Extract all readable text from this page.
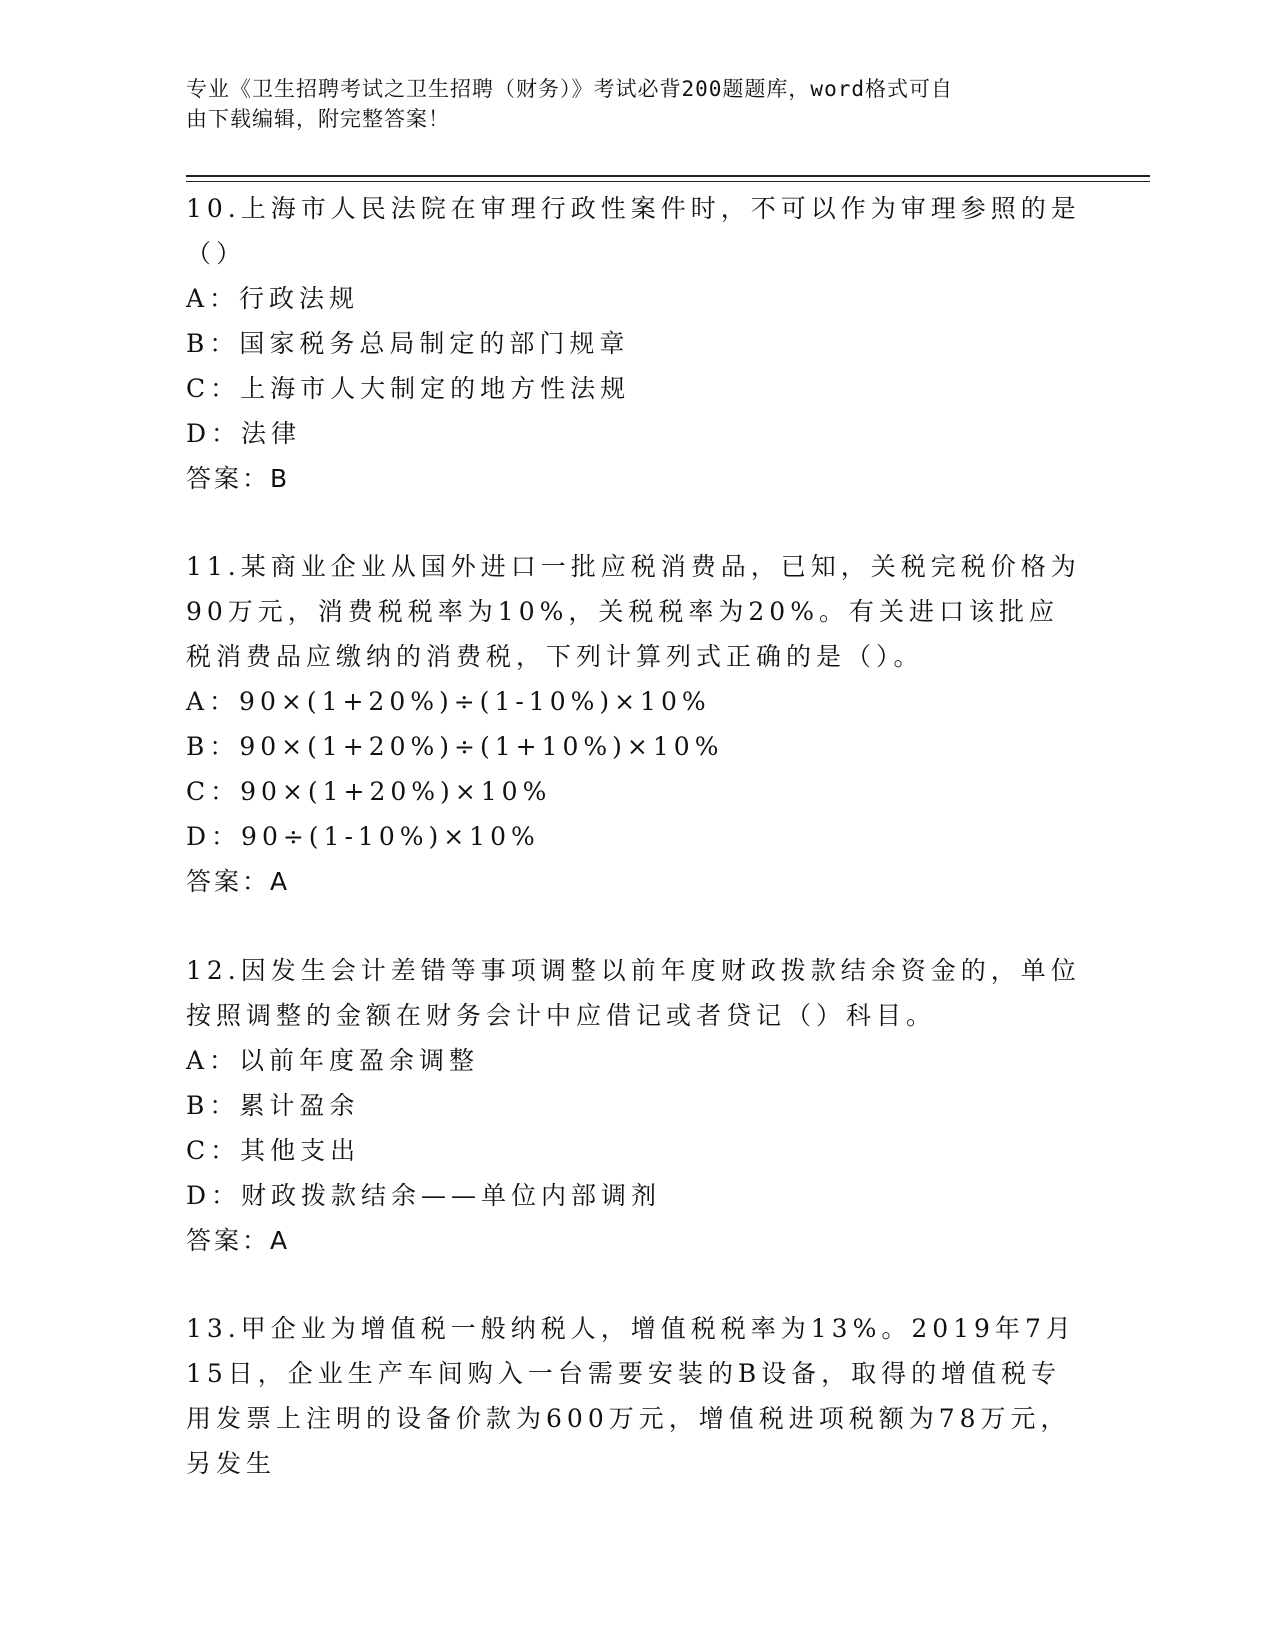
专业《卫生招聘考试之卫生招聘（财务）》考试必背200题题库，word格式可自
由下载编辑，附完整答案！

10.上海市人民法院在审理行政性案件时，不可以作为审理参照的是（）

A：行政法规

B：国家税务总局制定的部门规章

C：上海市人大制定的地方性法规

D：法律

答案：B

11.某商业企业从国外进口一批应税消费品，已知，关税完税价格为90万元，消费税税率为10%，关税税率为20%。有关进口该批应税消费品应缴纳的消费税，下列计算列式正确的是（）。

A：90×(1+20%)÷(1-10%)×10%

B：90×(1+20%)÷(1+10%)×10%

C：90×(1+20%)×10%

D：90÷(1-10%)×10%

答案：A

12.因发生会计差错等事项调整以前年度财政拨款结余资金的，单位按照调整的金额在财务会计中应借记或者贷记（）科目。

A：以前年度盈余调整

B：累计盈余

C：其他支出

D：财政拨款结余——单位内部调剂

答案：A

13.甲企业为增值税一般纳税人，增值税税率为13%。2019年7月15日，企业生产车间购入一台需要安装的B设备，取得的增值税专用发票上注明的设备价款为600万元，增值税进项税额为78万元，另发生
